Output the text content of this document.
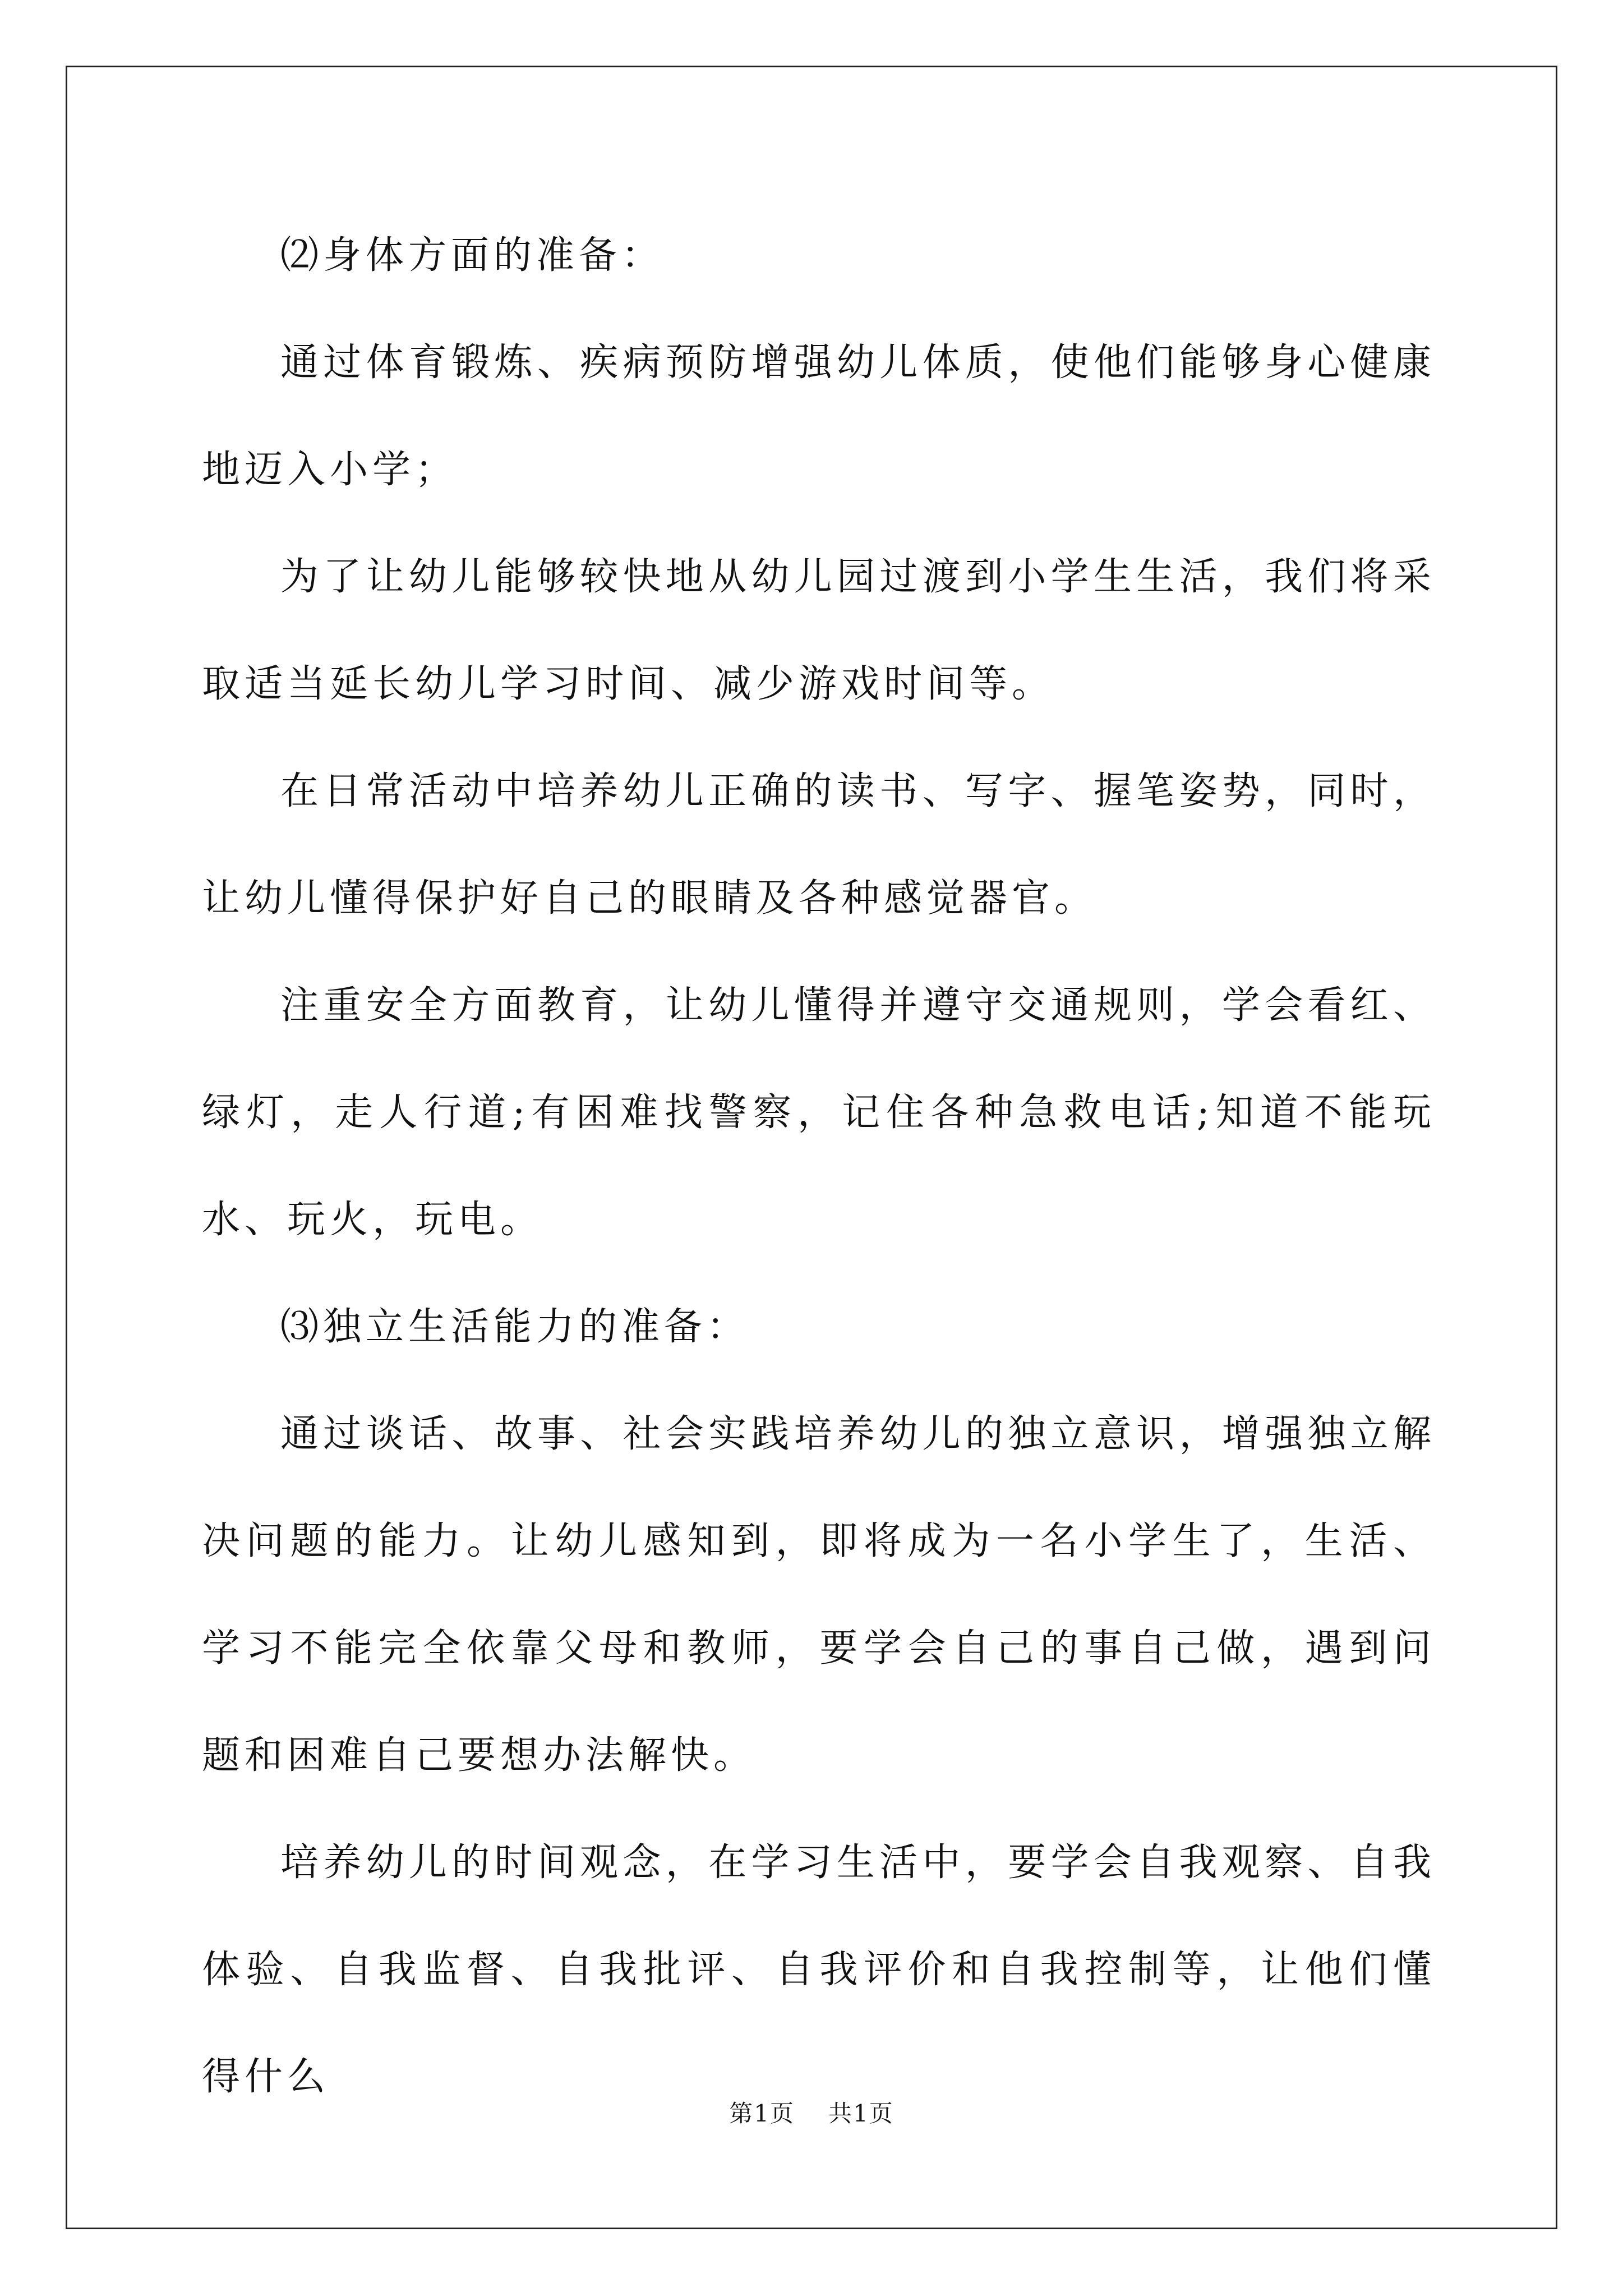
⑵身体方面的准备：

通过体育锻炼、疾病预防增强幼儿体质，使他们能够身心健康地迈入小学；

为了让幼儿能够较快地从幼儿园过渡到小学生生活，我们将采取适当延长幼儿学习时间、减少游戏时间等。

在日常活动中培养幼儿正确的读书、写字、握笔姿势，同时，让幼儿懂得保护好自己的眼睛及各种感觉器官。

注重安全方面教育，让幼儿懂得并遵守交通规则，学会看红、绿灯，走人行道;有困难找警察，记住各种急救电话;知道不能玩水、玩火，玩电。

⑶独立生活能力的准备：

通过谈话、故事、社会实践培养幼儿的独立意识，增强独立解决问题的能力。让幼儿感知到，即将成为一名小学生了，生活、学习不能完全依靠父母和教师，要学会自己的事自己做，遇到问题和困难自己要想办法解快。

培养幼儿的时间观念，在学习生活中，要学会自我观察、自我体验、自我监督、自我批评、自我评价和自我控制等，让他们懂得什么

第1页 共1页
